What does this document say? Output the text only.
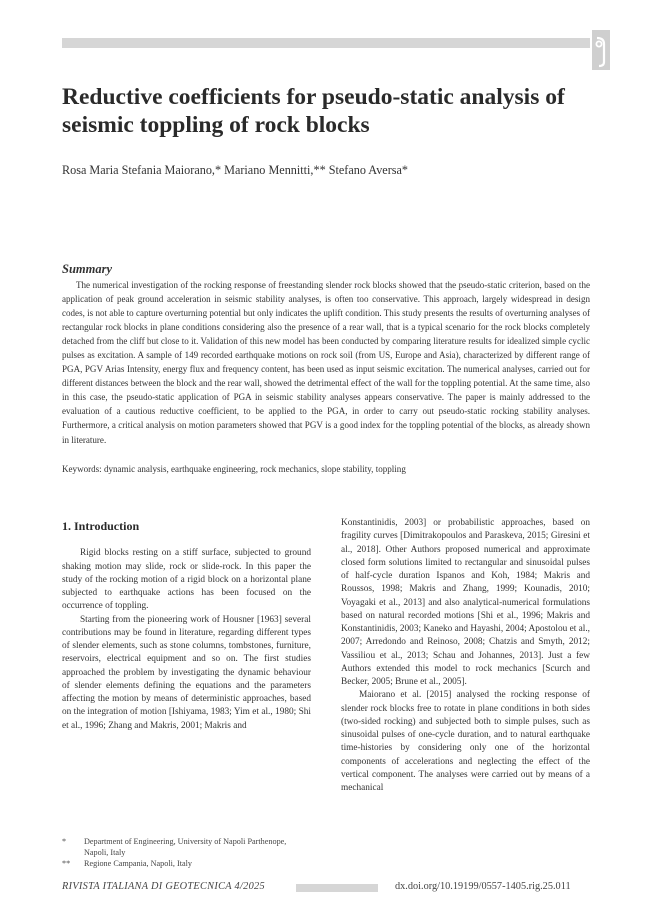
Reductive coefficients for pseudo-static analysis of seismic toppling of rock blocks

Rosa Maria Stefania Maiorano,* Mariano Mennitti,** Stefano Aversa*

Summary

The numerical investigation of the rocking response of freestanding slender rock blocks showed that the pseudo-static criterion, based on the application of peak ground acceleration in seismic stability analyses, is often too conservative. This approach, largely widespread in design codes, is not able to capture overturning potential but only indicates the uplift condition. This study presents the results of overturning analyses of rectangular rock blocks in plane conditions considering also the presence of a rear wall, that is a typical scenario for the rock blocks completely detached from the cliff but close to it. Validation of this new model has been conducted by comparing literature results for idealized simple cyclic pulses as excitation. A sample of 149 recorded earthquake motions on rock soil (from US, Europe and Asia), characterized by different range of PGA, PGV Arias Intensity, energy flux and frequency content, has been used as input seismic excitation. The numerical analyses, carried out for different distances between the block and the rear wall, showed the detrimental effect of the wall for the toppling potential. At the same time, also in this case, the pseudo-static application of PGA in seismic stability analyses appears conservative. The paper is mainly addressed to the evaluation of a cautious reductive coefficient, to be applied to the PGA, in order to carry out pseudo-static rocking stability analyses. Furthermore, a critical analysis on motion parameters showed that PGV is a good index for the toppling potential of the blocks, as already shown in literature.

Keywords: dynamic analysis, earthquake engineering, rock mechanics, slope stability, toppling

1. Introduction

Rigid blocks resting on a stiff surface, subjected to ground shaking motion may slide, rock or slide-rock. In this paper the study of the rocking motion of a rigid block on a horizontal plane subjected to earthquake actions has been focused on the occurrence of toppling.

Starting from the pioneering work of Housner [1963] several contributions may be found in literature, regarding different types of slender elements, such as stone columns, tombstones, furniture, reservoirs, electrical equipment and so on. The first studies approached the problem by investigating the dynamic behaviour of slender elements defining the equations and the parameters affecting the motion by means of deterministic approaches, based on the integration of motion [Ishiyama, 1983; Yim et al., 1980; Shi et al., 1996; Zhang and Makris, 2001; Makris and

Konstantinidis, 2003] or probabilistic approaches, based on fragility curves [Dimitrakopoulos and Paraskeva, 2015; Giresini et al., 2018]. Other Authors proposed numerical and approximate closed form solutions limited to rectangular and sinusoidal pulses of half-cycle duration Ispanos and Koh, 1984; Makris and Roussos, 1998; Makris and Zhang, 1999; Kounadis, 2010; Voyagaki et al., 2013] and also analytical-numerical formulations based on natural recorded motions [Shi et al., 1996; Makris and Konstantinidis, 2003; Kaneko and Hayashi, 2004; Apostolou et al., 2007; Arredondo and Reinoso, 2008; Chatzis and Smyth, 2012; Vassiliou et al., 2013; Schau and Johannes, 2013]. Just a few Authors extended this model to rock mechanics [Scurch and Becker, 2005; Brune et al., 2005].

Maiorano et al. [2015] analysed the rocking response of slender rock blocks free to rotate in plane conditions in both sides (two-sided rocking) and subjected both to simple pulses, such as sinusoidal pulses of one-cycle duration, and to natural earthquake time-histories by considering only one of the horizontal components of accelerations and neglecting the effect of the vertical component. The analyses were carried out by means of a mechanical

*	Department of Engineering, University of Napoli Parthenope, Napoli, Italy
**	Regione Campania, Napoli, Italy

RIVISTA ITALIANA DI GEOTECNICA 4/2025	dx.doi.org/10.19199/0557-1405.rig.25.011
